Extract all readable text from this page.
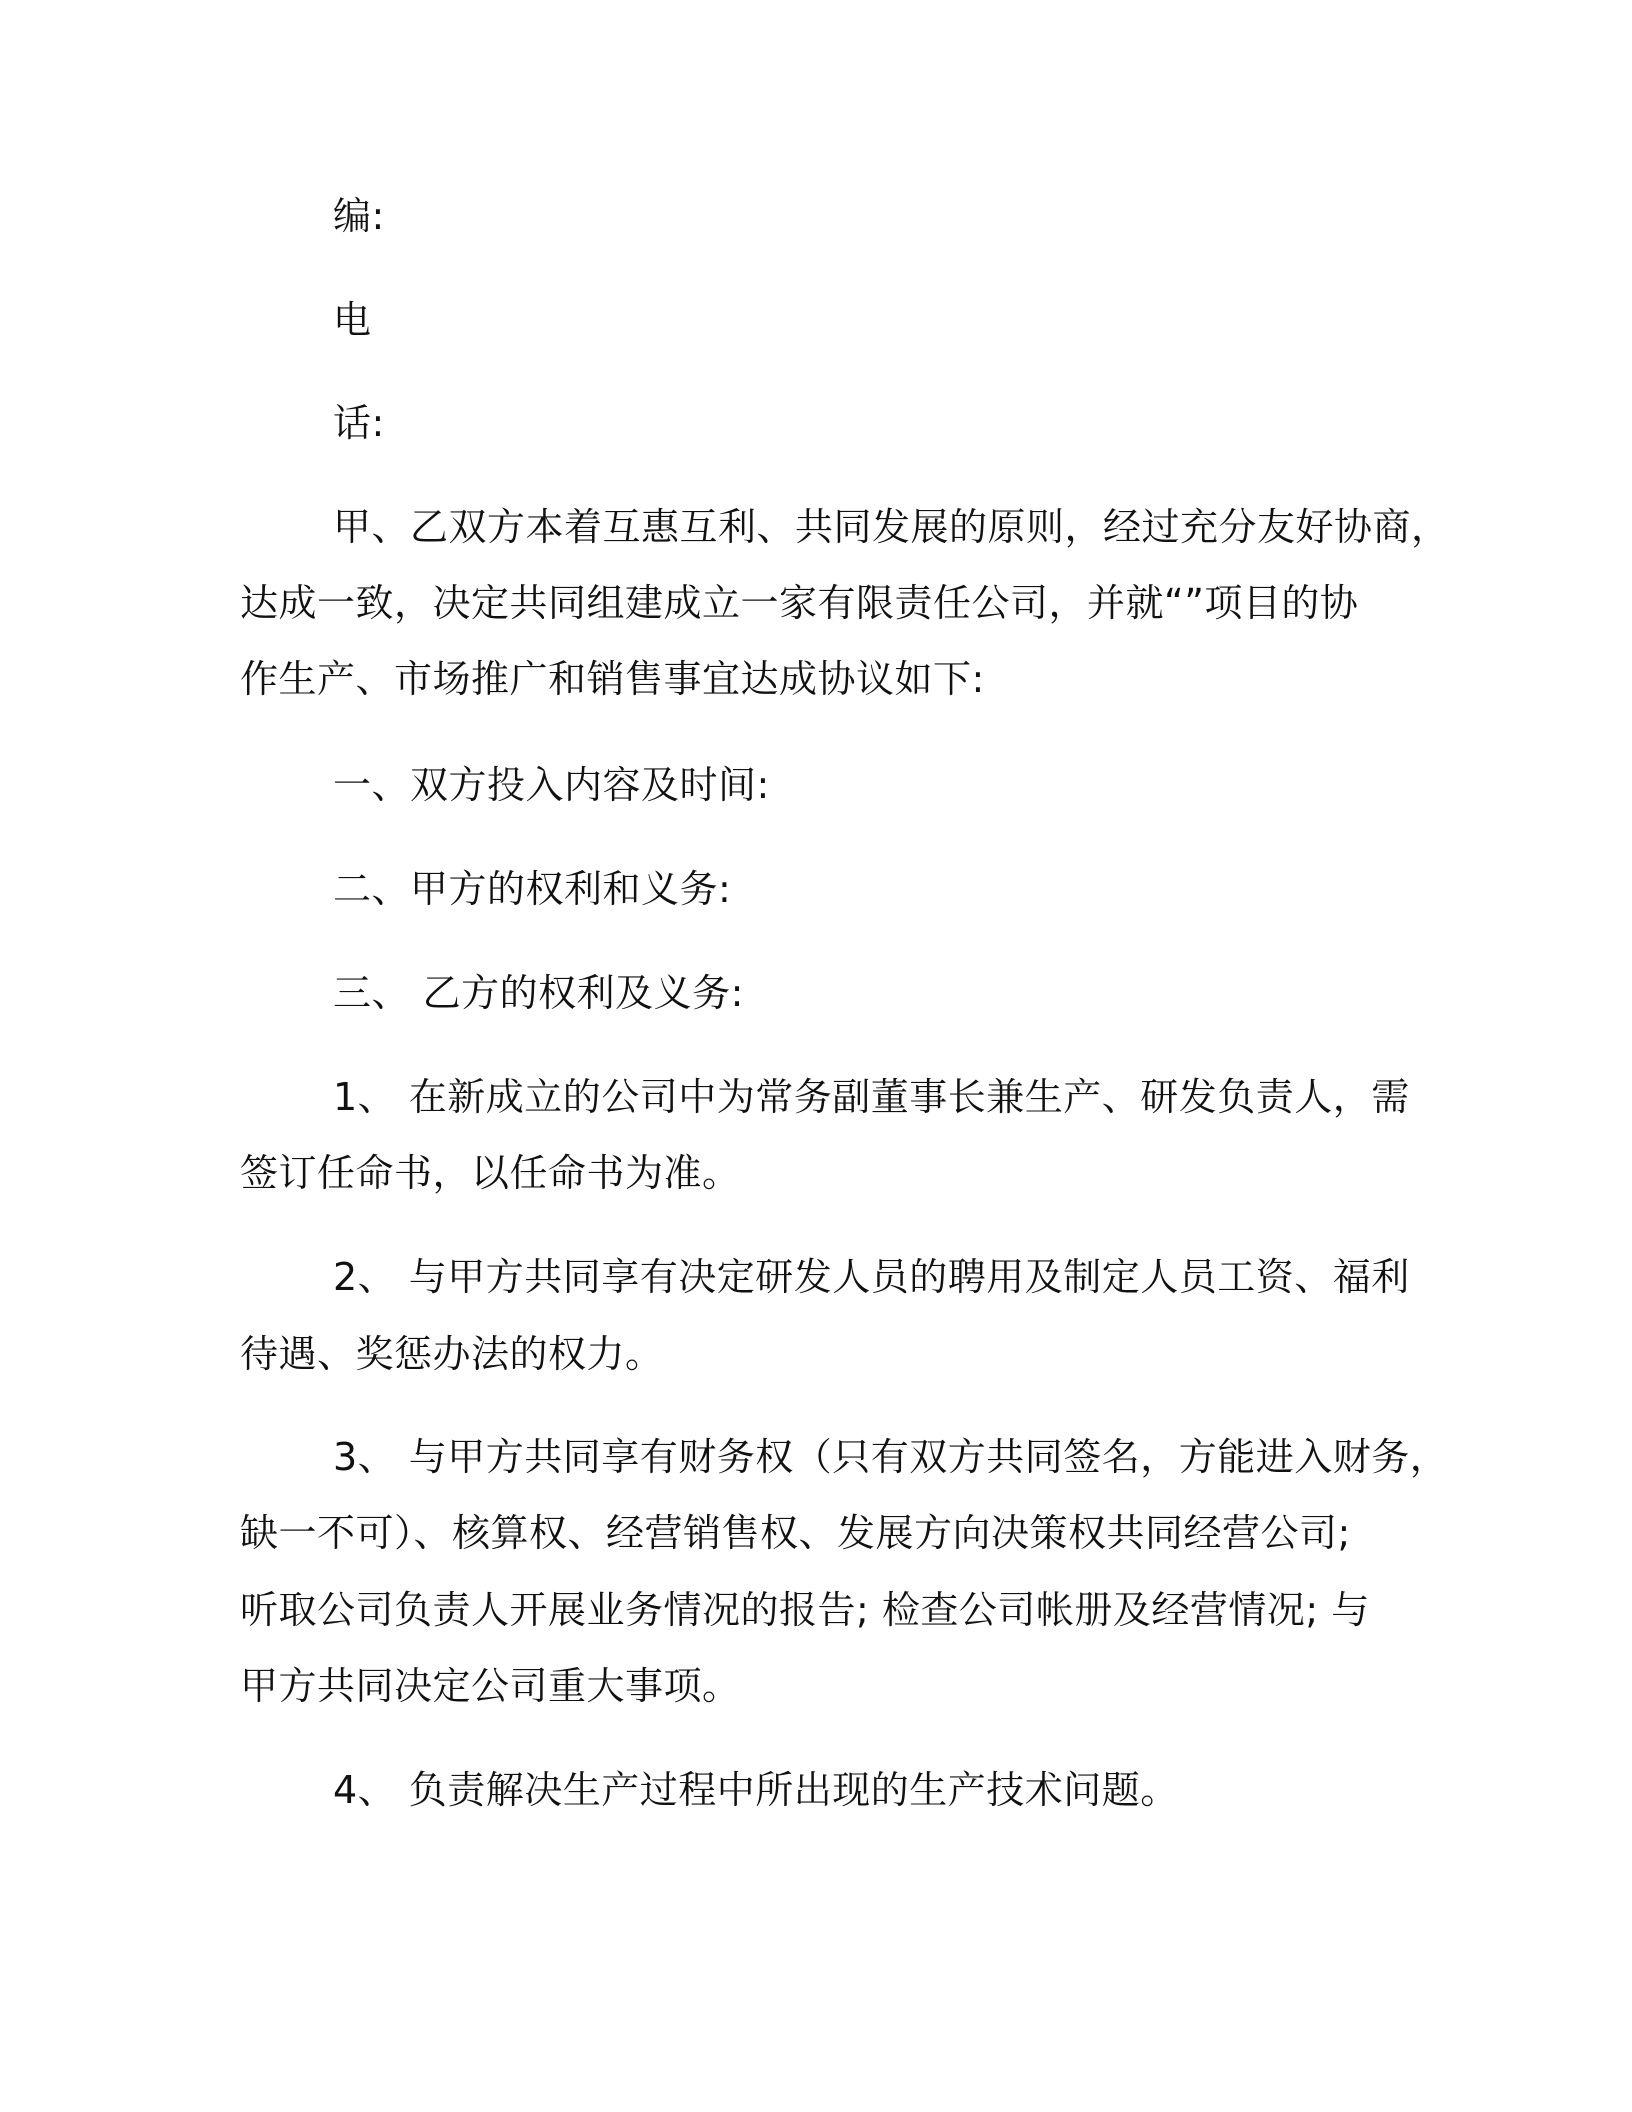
编:
电
话:
甲、乙双方本着互惠互利、共同发展的原则，经过充分友好协商，
达成一致，决定共同组建成立一家有限责任公司，并就“”项目的协
作生产、市场推广和销售事宜达成协议如下:
一、双方投入内容及时间:
二、甲方的权利和义务:
三、 乙方的权利及义务:
1、 在新成立的公司中为常务副董事长兼生产、研发负责人，需
签订任命书，以任命书为准。
2、 与甲方共同享有决定研发人员的聘用及制定人员工资、福利
待遇、奖惩办法的权力。
3、 与甲方共同享有财务权（只有双方共同签名，方能进入财务，
缺一不可）、核算权、经营销售权、发展方向决策权共同经营公司;
听取公司负责人开展业务情况的报告; 检查公司帐册及经营情况; 与
甲方共同决定公司重大事项。
4、 负责解决生产过程中所出现的生产技术问题。
